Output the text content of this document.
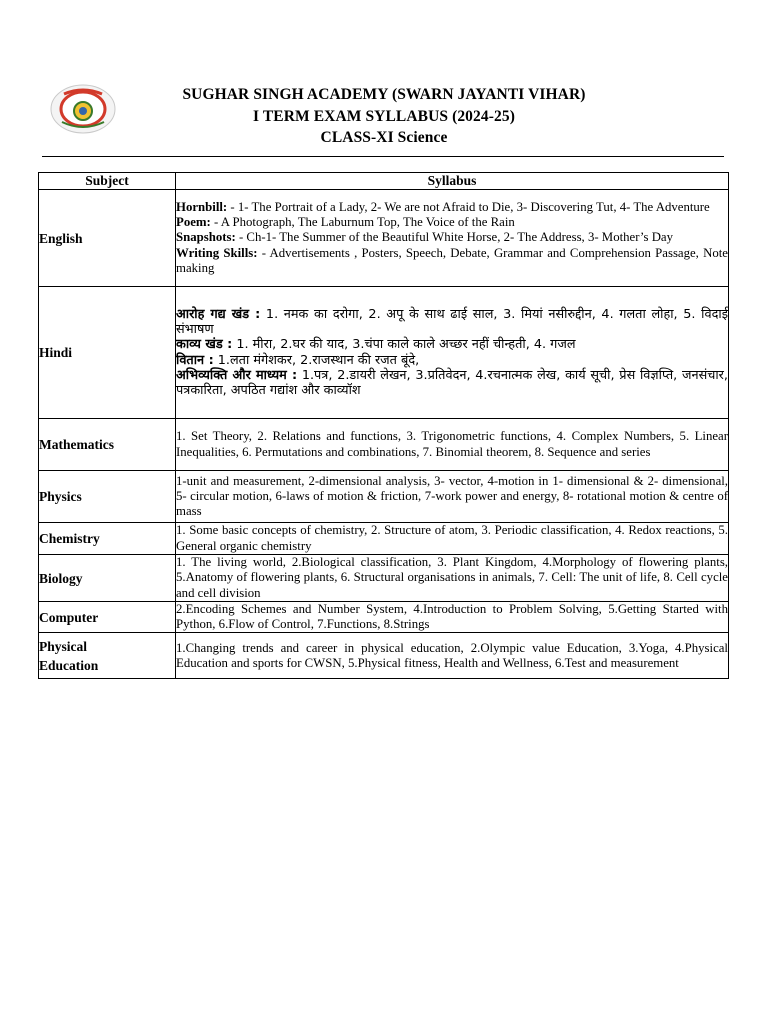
SUGHAR SINGH ACADEMY (SWARN JAYANTI VIHAR)
I TERM EXAM SYLLABUS (2024-25)
CLASS-XI Science
Subject	Syllabus
English	Hornbill: - 1- The Portrait of a Lady, 2- We are not Afraid to Die, 3- Discovering Tut, 4- The Adventure
Poem: - A Photograph, The Laburnum Top, The Voice of the Rain
Snapshots: - Ch-1- The Summer of the Beautiful White Horse, 2- The Address, 3- Mother’s Day
Writing Skills: - Advertisements , Posters, Speech, Debate, Grammar and Comprehension Passage, Note making

Hindi	आरोह गद्य खंड : 1. नमक का दरोगा, 2. अपू के साथ ढाई साल, 3. मियां नसीरुद्दीन, 4. गलता लोहा, 5. विदाई संभाषण
काव्य खंड : 1. मीरा, 2.घर की याद, 3.चंपा काले काले अच्छर नहीं चीन्हती, 4. गजल
वितान : 1.लता मंगेशकर, 2.राजस्थान की रजत बूंदे,
अभिव्यक्ति और माध्यम : 1.पत्र, 2.डायरी लेखन, 3.प्रतिवेदन, 4.रचनात्मक लेख, कार्य सूची, प्रेस विज्ञप्ति, जनसंचार, पत्रकारिता, अपठित गद्यांश और काव्यॉश

Mathematics	1. Set Theory, 2. Relations and functions, 3. Trigonometric functions, 4. Complex Numbers, 5. Linear Inequalities, 6. Permutations and combinations, 7. Binomial theorem, 8. Sequence and series
Physics	1-unit and measurement, 2-dimensional analysis, 3- vector, 4-motion in 1- dimensional & 2- dimensional, 5- circular motion, 6-laws of motion & friction, 7-work power and energy, 8- rotational motion & centre of mass
Chemistry	1. Some basic concepts of chemistry, 2. Structure of atom, 3. Periodic classification, 4. Redox reactions, 5. General organic chemistry
Biology	1. The living world, 2.Biological classification, 3. Plant Kingdom, 4.Morphology of flowering plants, 5.Anatomy of flowering plants, 6. Structural organisations in animals, 7. Cell: The unit of life, 8. Cell cycle and cell division
Computer	2.Encoding Schemes and Number System, 4.Introduction to Problem Solving, 5.Getting Started with Python, 6.Flow of Control, 7.Functions, 8.Strings

Physical
Education	1.Changing trends and career in physical education, 2.Olympic value Education, 3.Yoga, 4.Physical Education and sports for CWSN, 5.Physical fitness, Health and Wellness, 6.Test and measurement
